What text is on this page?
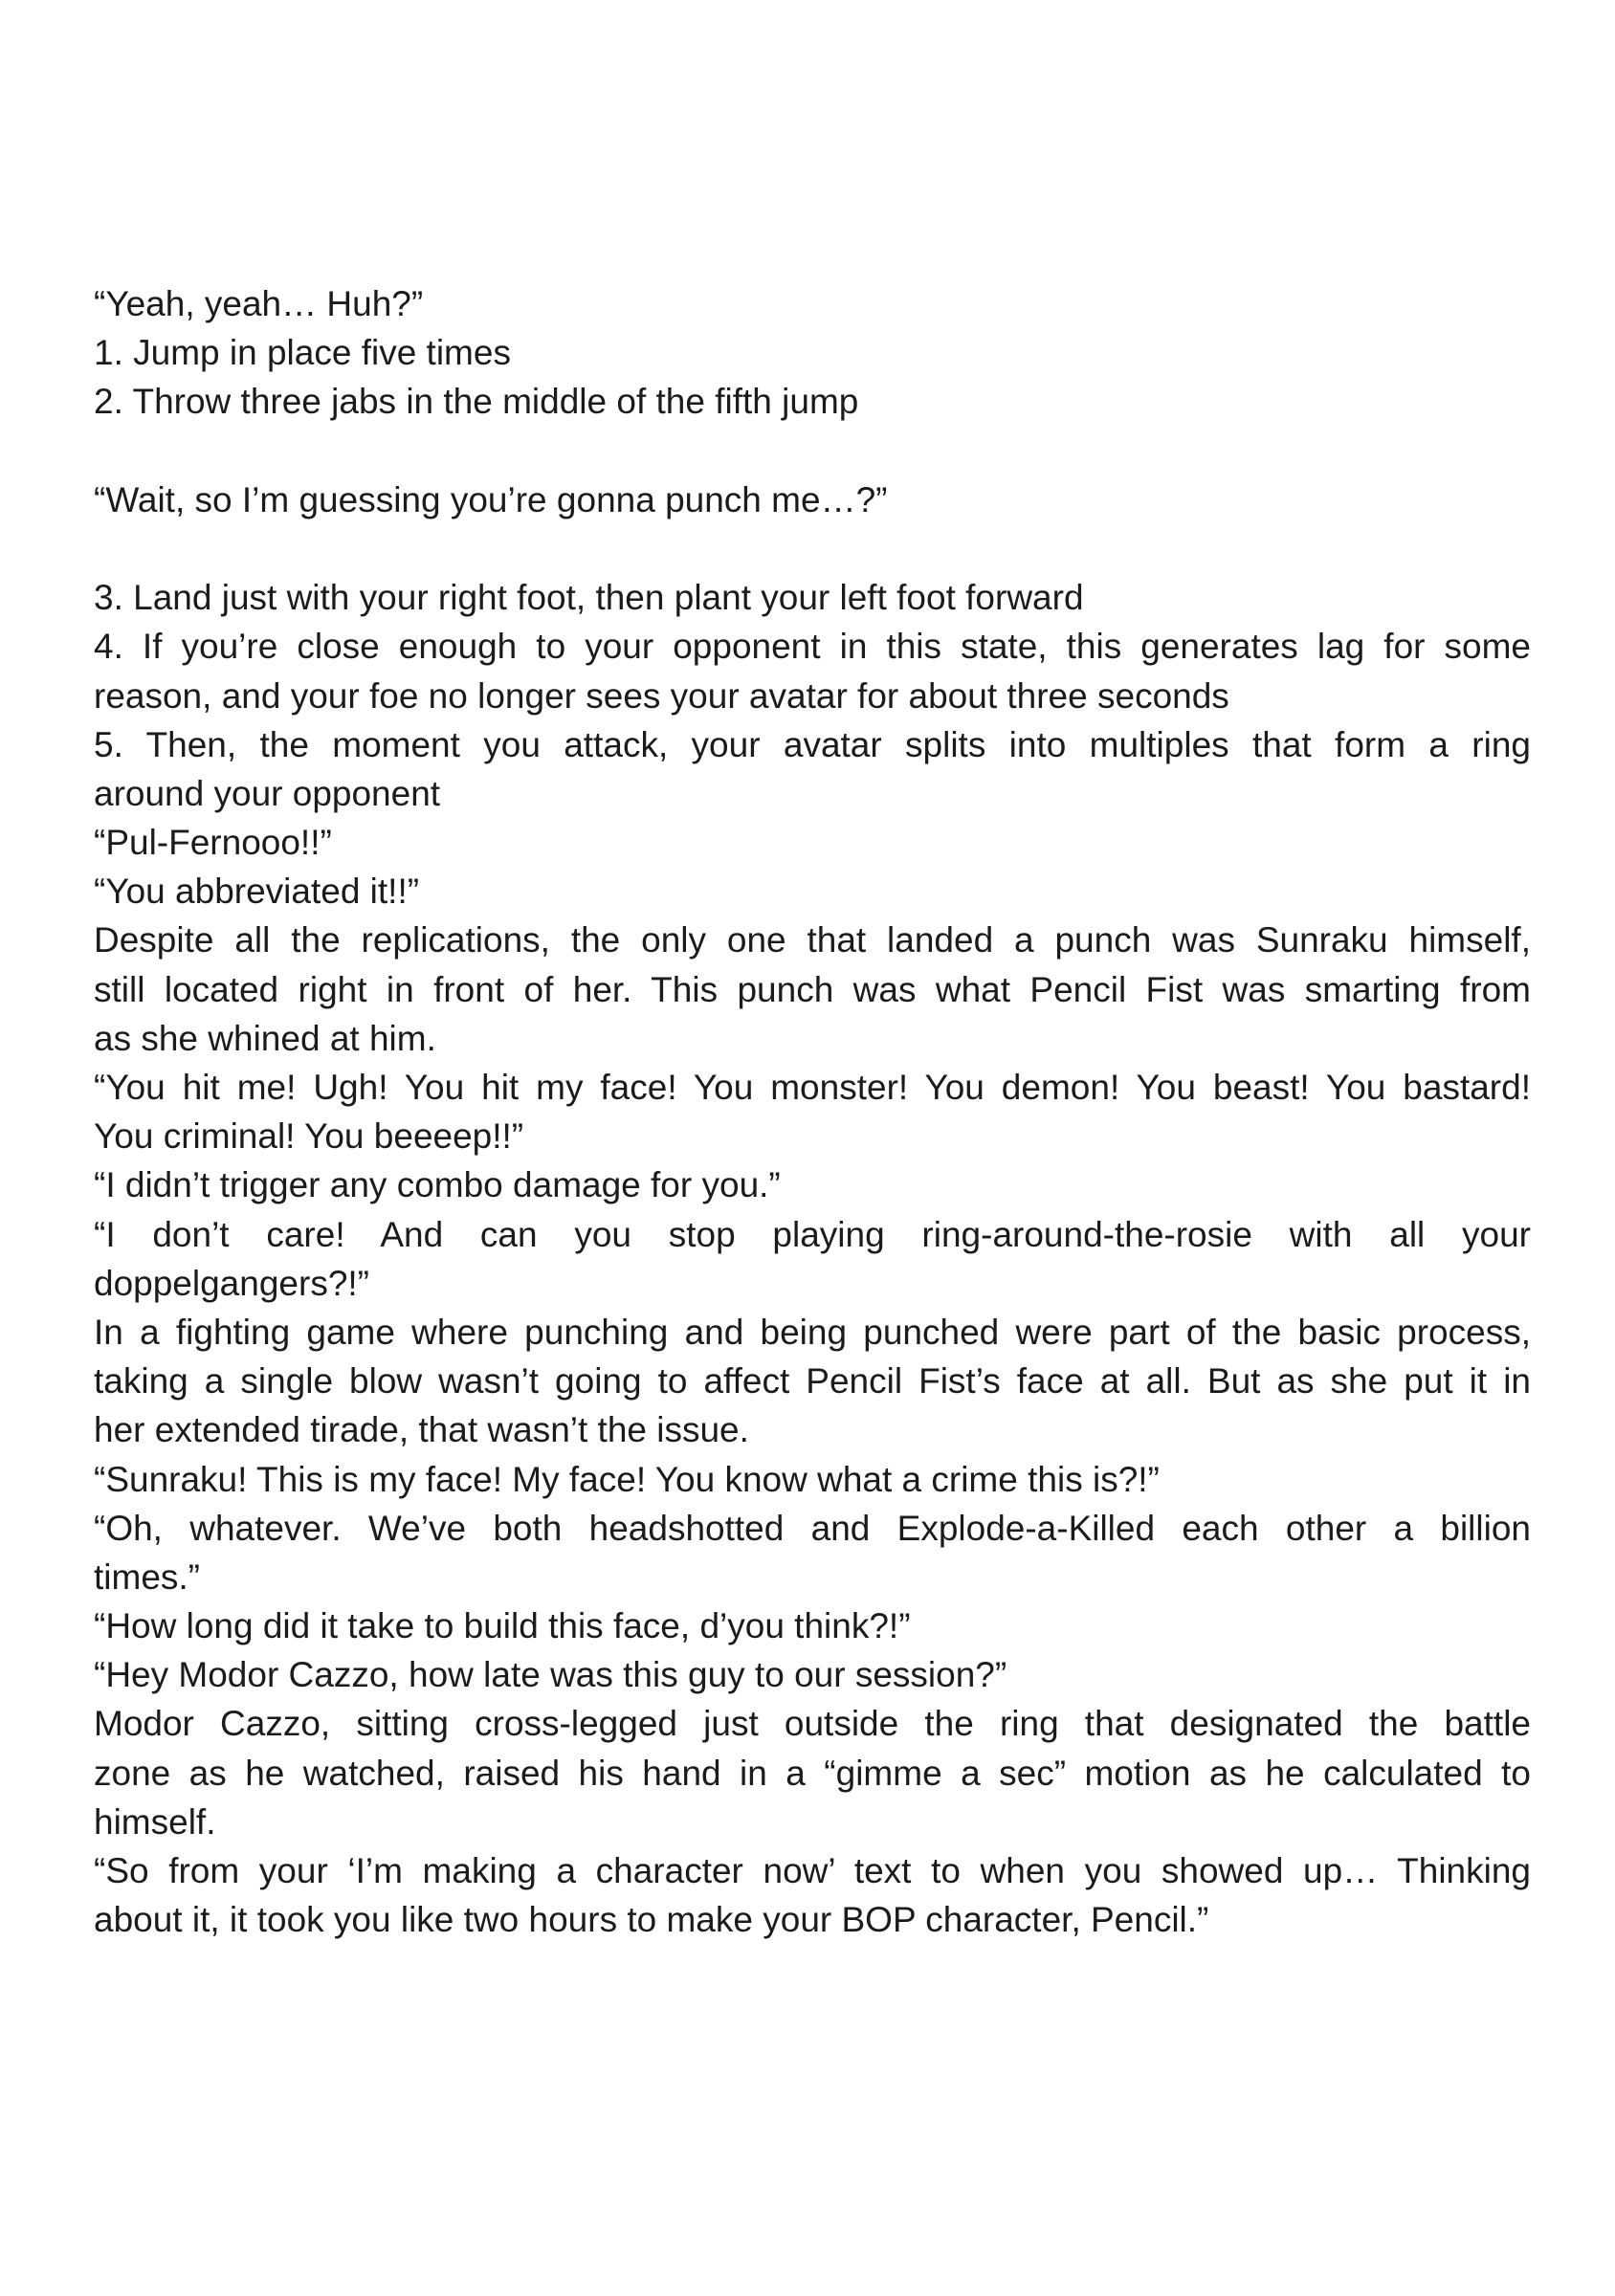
“Yeah, yeah… Huh?”
1. Jump in place five times
2. Throw three jabs in the middle of the fifth jump
“Wait, so I’m guessing you’re gonna punch me…?”
3. Land just with your right foot, then plant your left foot forward
4. If you’re close enough to your opponent in this state, this generates lag for some
reason, and your foe no longer sees your avatar for about three seconds
5. Then, the moment you attack, your avatar splits into multiples that form a ring
around your opponent
“Pul-Fernooo!!”
“You abbreviated it!!”
Despite all the replications, the only one that landed a punch was Sunraku himself,
still located right in front of her. This punch was what Pencil Fist was smarting from
as she whined at him.
“You hit me! Ugh! You hit my face! You monster! You demon! You beast! You bastard!
You criminal! You beeeep!!”
“I didn’t trigger any combo damage for you.”
“I don’t care! And can you stop playing ring-around-the-rosie with all your
doppelgangers?!”
In a fighting game where punching and being punched were part of the basic process,
taking a single blow wasn’t going to affect Pencil Fist’s face at all. But as she put it in
her extended tirade, that wasn’t the issue.
“Sunraku! This is my face! My face! You know what a crime this is?!”
“Oh, whatever. We’ve both headshotted and Explode-a-Killed each other a billion
times.”
“How long did it take to build this face, d’you think?!”
“Hey Modor Cazzo, how late was this guy to our session?”
Modor Cazzo, sitting cross-legged just outside the ring that designated the battle
zone as he watched, raised his hand in a “gimme a sec” motion as he calculated to
himself.
“So from your ‘I’m making a character now’ text to when you showed up… Thinking
about it, it took you like two hours to make your BOP character, Pencil.”
